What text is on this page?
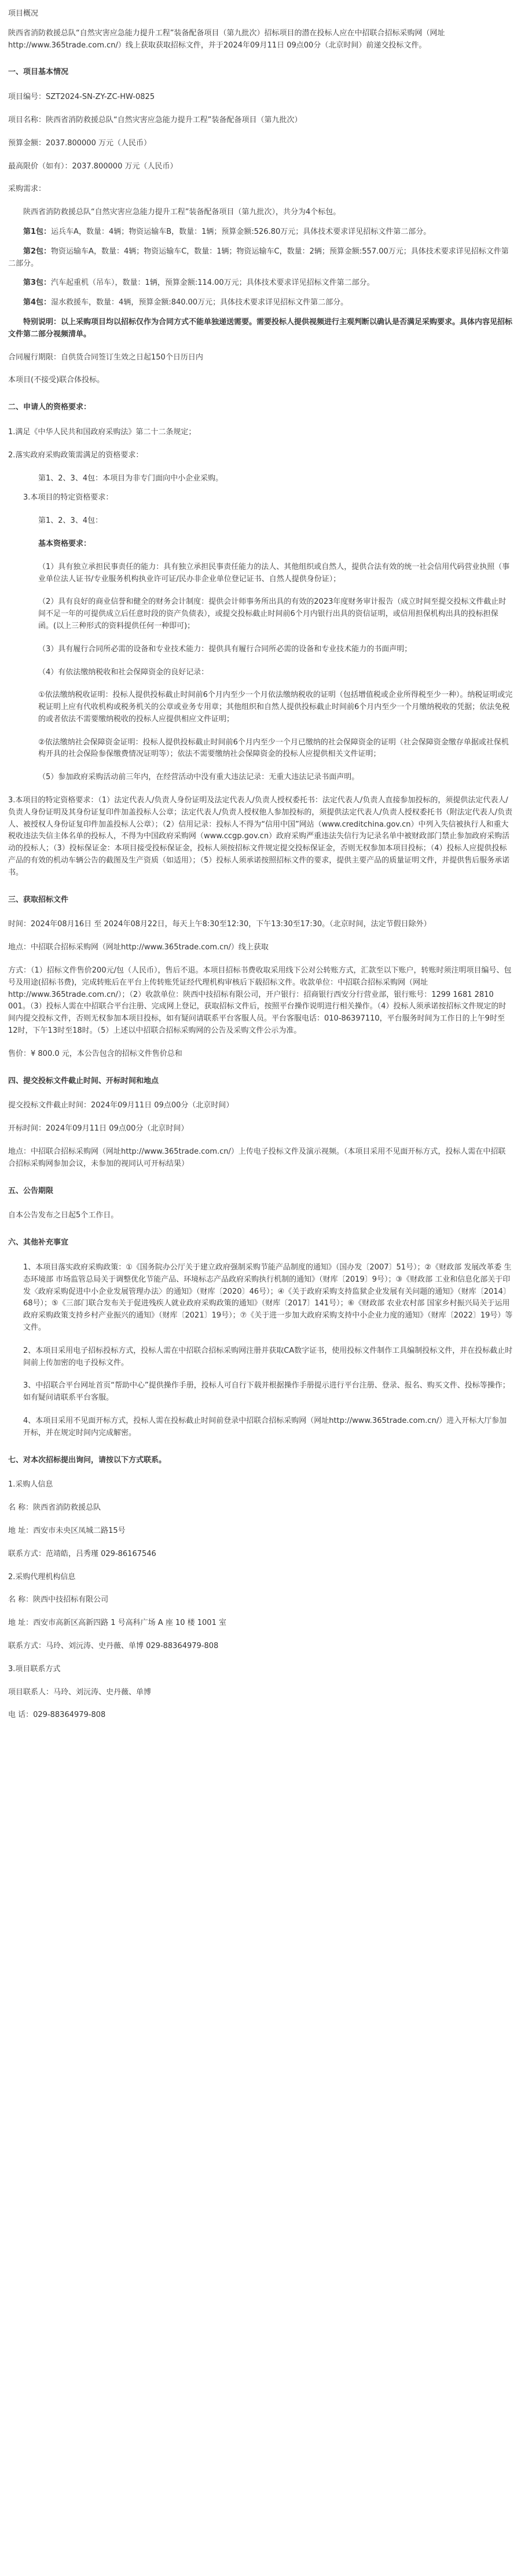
项目概况

陕西省消防救援总队“自然灾害应急能力提升工程”装备配备项目（第九批次）招标项目的潜在投标人应在中招联合招标采购网（网址http://www.365trade.com.cn/）线上获取获取招标文件，并于2024年09月11日 09点00分（北京时间）前递交投标文件。

一、项目基本情况

项目编号：SZT2024-SN-ZY-ZC-HW-0825

项目名称：陕西省消防救援总队“自然灾害应急能力提升工程”装备配备项目（第九批次）

预算金额：2037.800000 万元（人民币）

最高限价（如有）：2037.800000 万元（人民币）

采购需求：

陕西省消防救援总队“自然灾害应急能力提升工程”装备配备项目（第九批次），共分为4个标包。

第1包：运兵车A，数量：4辆；物资运输车B，数量：1辆；预算金额:526.80万元；具体技术要求详见招标文件第二部分。

第2包：物资运输车A，数量：4辆；物资运输车C，数量：1辆；物资运输车C，数量：2辆；预算金额:557.00万元；具体技术要求详见招标文件第二部分。

第3包：汽车起重机（吊车），数量：1辆，预算金额:114.00万元；具体技术要求详见招标文件第二部分。

第4包：湿水救援车，数量：4辆，预算金额:840.00万元；具体技术要求详见招标文件第二部分。

特别说明：以上采购项目均以招标仅作为合同方式不能单独递送需要。需要投标人提供视频进行主观判断以确认是否满足采购要求。具体内容见招标文件第二部分视频清单。

合同履行期限：自供货合同签订生效之日起150个日历日内

本项目(不接受)联合体投标。

二、申请人的资格要求：

1.满足《中华人民共和国政府采购法》第二十二条规定；

2.落实政府采购政策需满足的资格要求：

第1、2、3、4包：本项目为非专门面向中小企业采购。

3.本项目的特定资格要求：

第1、2、3、4包：

基本资格要求：

（1）具有独立承担民事责任的能力：具有独立承担民事责任能力的法人、其他组织或自然人，提供合法有效的统一社会信用代码营业执照（事业单位法人证书/专业服务机构执业许可证/民办非企业单位登记证书、自然人提供身份证）；

（2）具有良好的商业信誉和健全的财务会计制度：提供会计师事务所出具的有效的2023年度财务审计报告（成立时间至提交投标文件截止时间不足一年的可提供成立后任意时段的资产负债表），或提交投标截止时间前6个月内银行出具的资信证明，或信用担保机构出具的投标担保函。(以上三种形式的资料提供任何一种即可)；

（3）具有履行合同所必需的设备和专业技术能力：提供具有履行合同所必需的设备和专业技术能力的书面声明；

（4）有依法缴纳税收和社会保障资金的良好记录：

①依法缴纳税收证明：投标人提供投标截止时间前6个月内至少一个月依法缴纳税收的证明（包括增值税或企业所得税至少一种）。纳税证明或完税证明上应有代收机构或税务机关的公章或业务专用章；其他组织和自然人提供投标截止时间前6个月内至少一个月缴纳税收的凭据；依法免税的或者依法不需要缴纳税收的投标人应提供相应文件证明；

②依法缴纳社会保障资金证明：投标人提供投标截止时间前6个月内至少一个月已缴纳的社会保障资金的证明（社会保障资金缴存单据或社保机构开具的社会保险参保缴费情况证明等）；依法不需要缴纳社会保障资金的投标人应提供相关文件证明；

（5）参加政府采购活动前三年内，在经营活动中没有重大违法记录：无重大违法记录书面声明。

3.本项目的特定资格要求：（1）法定代表人/负责人身份证明及法定代表人/负责人授权委托书：法定代表人/负责人直接参加投标的，须提供法定代表人/负责人身份证明及其身份证复印件加盖投标人公章；法定代表人/负责人授权他人参加投标的，须提供法定代表人/负责人授权委托书（附法定代表人/负责人、被授权人身份证复印件加盖投标人公章）；（2）信用记录：投标人不得为“信用中国”网站（www.creditchina.gov.cn）中列入失信被执行人和重大税收违法失信主体名单的投标人，不得为中国政府采购网（www.ccgp.gov.cn）政府采购严重违法失信行为记录名单中被财政部门禁止参加政府采购活动的投标人；（3）投标保证金：本项目接受投标保证金，投标人须按招标文件规定提交投标保证金，否则无权参加本项目投标；（4）投标人应提供投标产品的有效的机动车辆公告的截图及生产资质（如适用）；（5）投标人须承诺按照招标文件的要求，提供主要产品的质量证明文件，并提供售后服务承诺书。

三、获取招标文件

时间：2024年08月16日 至 2024年08月22日，每天上午8:30至12:30，下午13:30至17:30。（北京时间，法定节假日除外）

地点：中招联合招标采购网（网址http://www.365trade.com.cn/）线上获取

方式：（1）招标文件售价200元/包（人民币），售后不退。本项目招标书费收取采用线下公对公转账方式，汇款至以下账户，转账时须注明项目编号、包号及用途(招标书费)，完成转账后在平台上传转账凭证经代理机构审核后下载招标文件。收款单位：中招联合招标采购网（网址http://www.365trade.com.cn/）；（2）收款单位：陕西中技招标有限公司，开户银行：招商银行西安分行营业部，银行账号：1299 1681 2810 001。（3）投标人需在中招联合平台注册、完成网上登记，获取招标文件后，按照平台操作说明进行相关操作。（4）投标人须承诺按招标文件规定的时间内提交投标文件，否则无权参加本项目投标，如有疑问请联系平台客服人员。平台客服电话：010-86397110，平台服务时间为工作日的上午9时至12时，下午13时至18时。（5）上述以中招联合招标采购网的公告及采购文件公示为准。

售价：¥ 800.0 元，本公告包含的招标文件售价总和

四、提交投标文件截止时间、开标时间和地点

提交投标文件截止时间：2024年09月11日 09点00分（北京时间）

开标时间：2024年09月11日 09点00分（北京时间）

地点：中招联合招标采购网（网址http://www.365trade.com.cn/）上传电子投标文件及演示视频。（本项目采用不见面开标方式，投标人需在中招联合招标采购网参加会议，未参加的视同认可开标结果）

五、公告期限

自本公告发布之日起5个工作日。

六、其他补充事宜

1、本项目落实政府采购政策：①《国务院办公厅关于建立政府强制采购节能产品制度的通知》（国办发〔2007〕51号）；②《财政部 发展改革委 生态环境部 市场监管总局关于调整优化节能产品、环境标志产品政府采购执行机制的通知》（财库〔2019〕9号）；③《财政部 工业和信息化部关于印发〈政府采购促进中小企业发展管理办法〉的通知》（财库〔2020〕46号）；④《关于政府采购支持监狱企业发展有关问题的通知》（财库〔2014〕68号）；⑤《三部门联合发布关于促进残疾人就业政府采购政策的通知》（财库〔2017〕141号）；⑥《财政部 农业农村部 国家乡村振兴局关于运用政府采购政策支持乡村产业振兴的通知》（财库〔2021〕19号）；⑦《关于进一步加大政府采购支持中小企业力度的通知》（财库〔2022〕19号）等文件。

2、本项目采用电子招标投标方式，投标人需在中招联合招标采购网注册并获取CA数字证书，使用投标文件制作工具编制投标文件，并在投标截止时间前上传加密的电子投标文件。

3、中招联合平台网址首页“帮助中心”提供操作手册，投标人可自行下载并根据操作手册提示进行平台注册、登录、报名、购买文件、投标等操作；如有疑问请联系平台客服。

4、本项目采用不见面开标方式，投标人需在投标截止时间前登录中招联合招标采购网（网址http://www.365trade.com.cn/）进入开标大厅参加开标，并在规定时间内完成解密。

七、对本次招标提出询问，请按以下方式联系。

1.采购人信息

名 称：陕西省消防救援总队

地 址：西安市未央区凤城二路15号

联系方式：范靖皓，吕秀瑾 029-86167546

2.采购代理机构信息

名 称：陕西中技招标有限公司

地 址：西安市高新区高新四路 1 号高科广场 A 座 10 楼 1001 室

联系方式：马玲、刘沅涛、史丹薇、单博 029-88364979-808

3.项目联系方式

项目联系人：马玲、刘沅涛、史丹薇、单博

电 话：029-88364979-808
